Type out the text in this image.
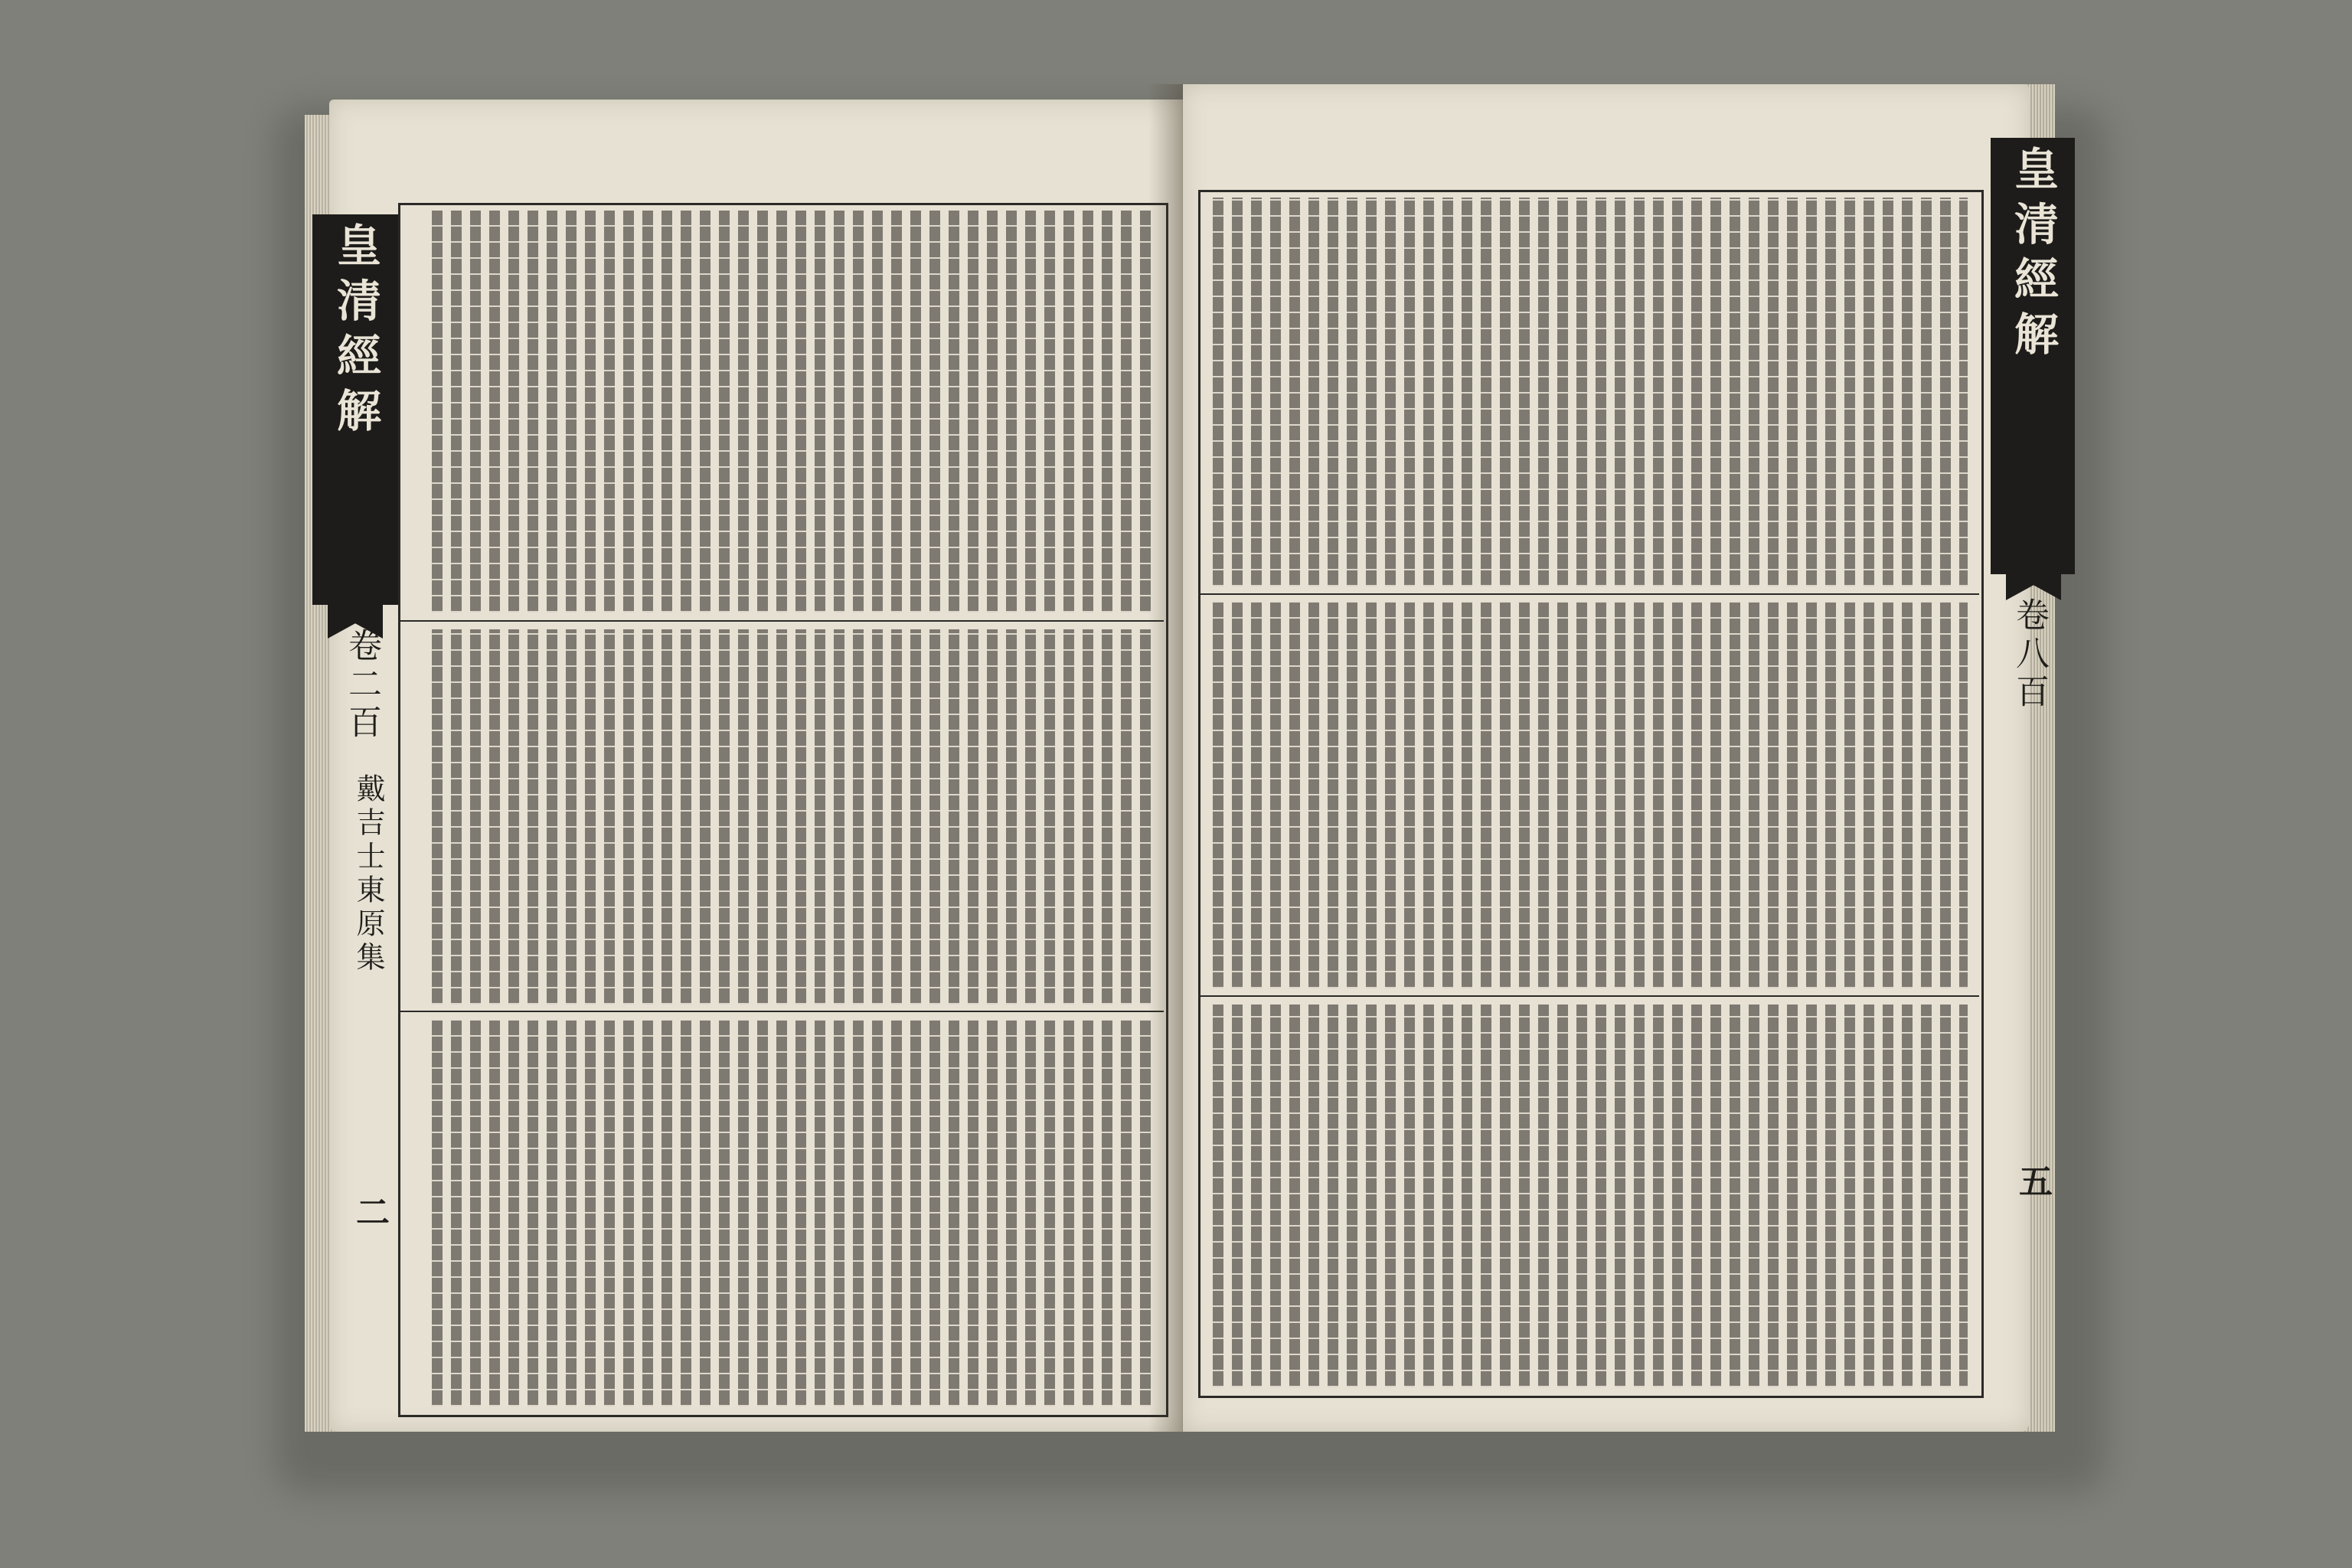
皇清經解
卷二百
戴吉士東原集
二
皇清經解
卷八百
五
